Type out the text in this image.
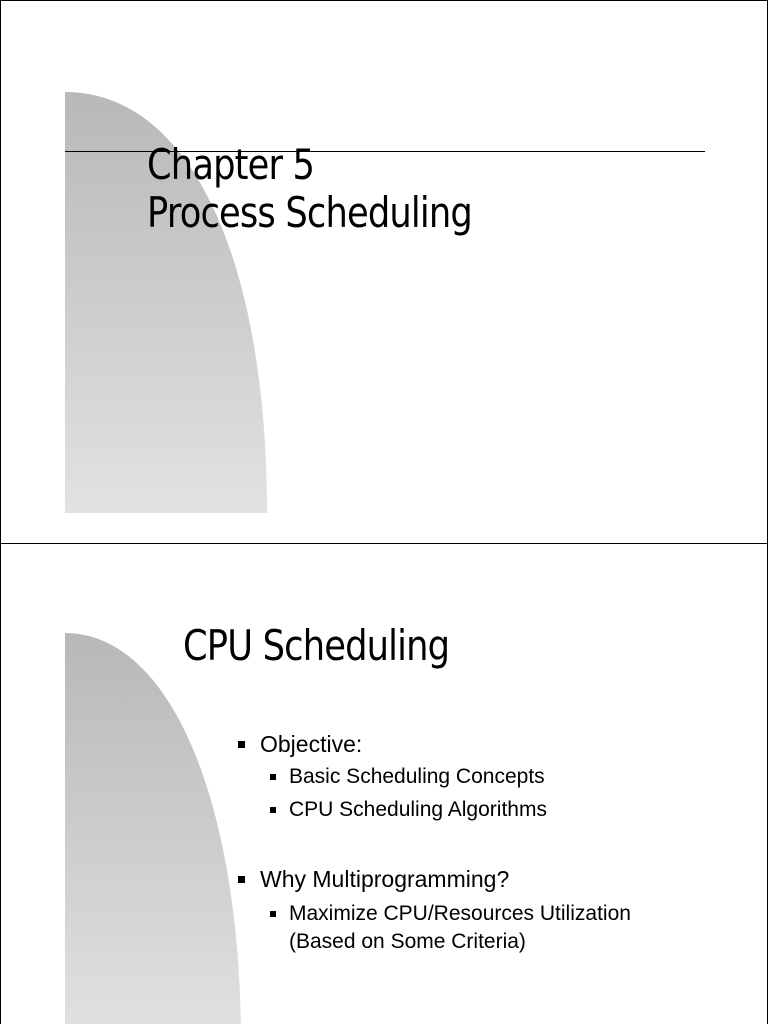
Chapter 5
Process Scheduling
CPU Scheduling
Objective:
Basic Scheduling Concepts
CPU Scheduling Algorithms
Why Multiprogramming?
Maximize CPU/Resources Utilization
(Based on Some Criteria)
